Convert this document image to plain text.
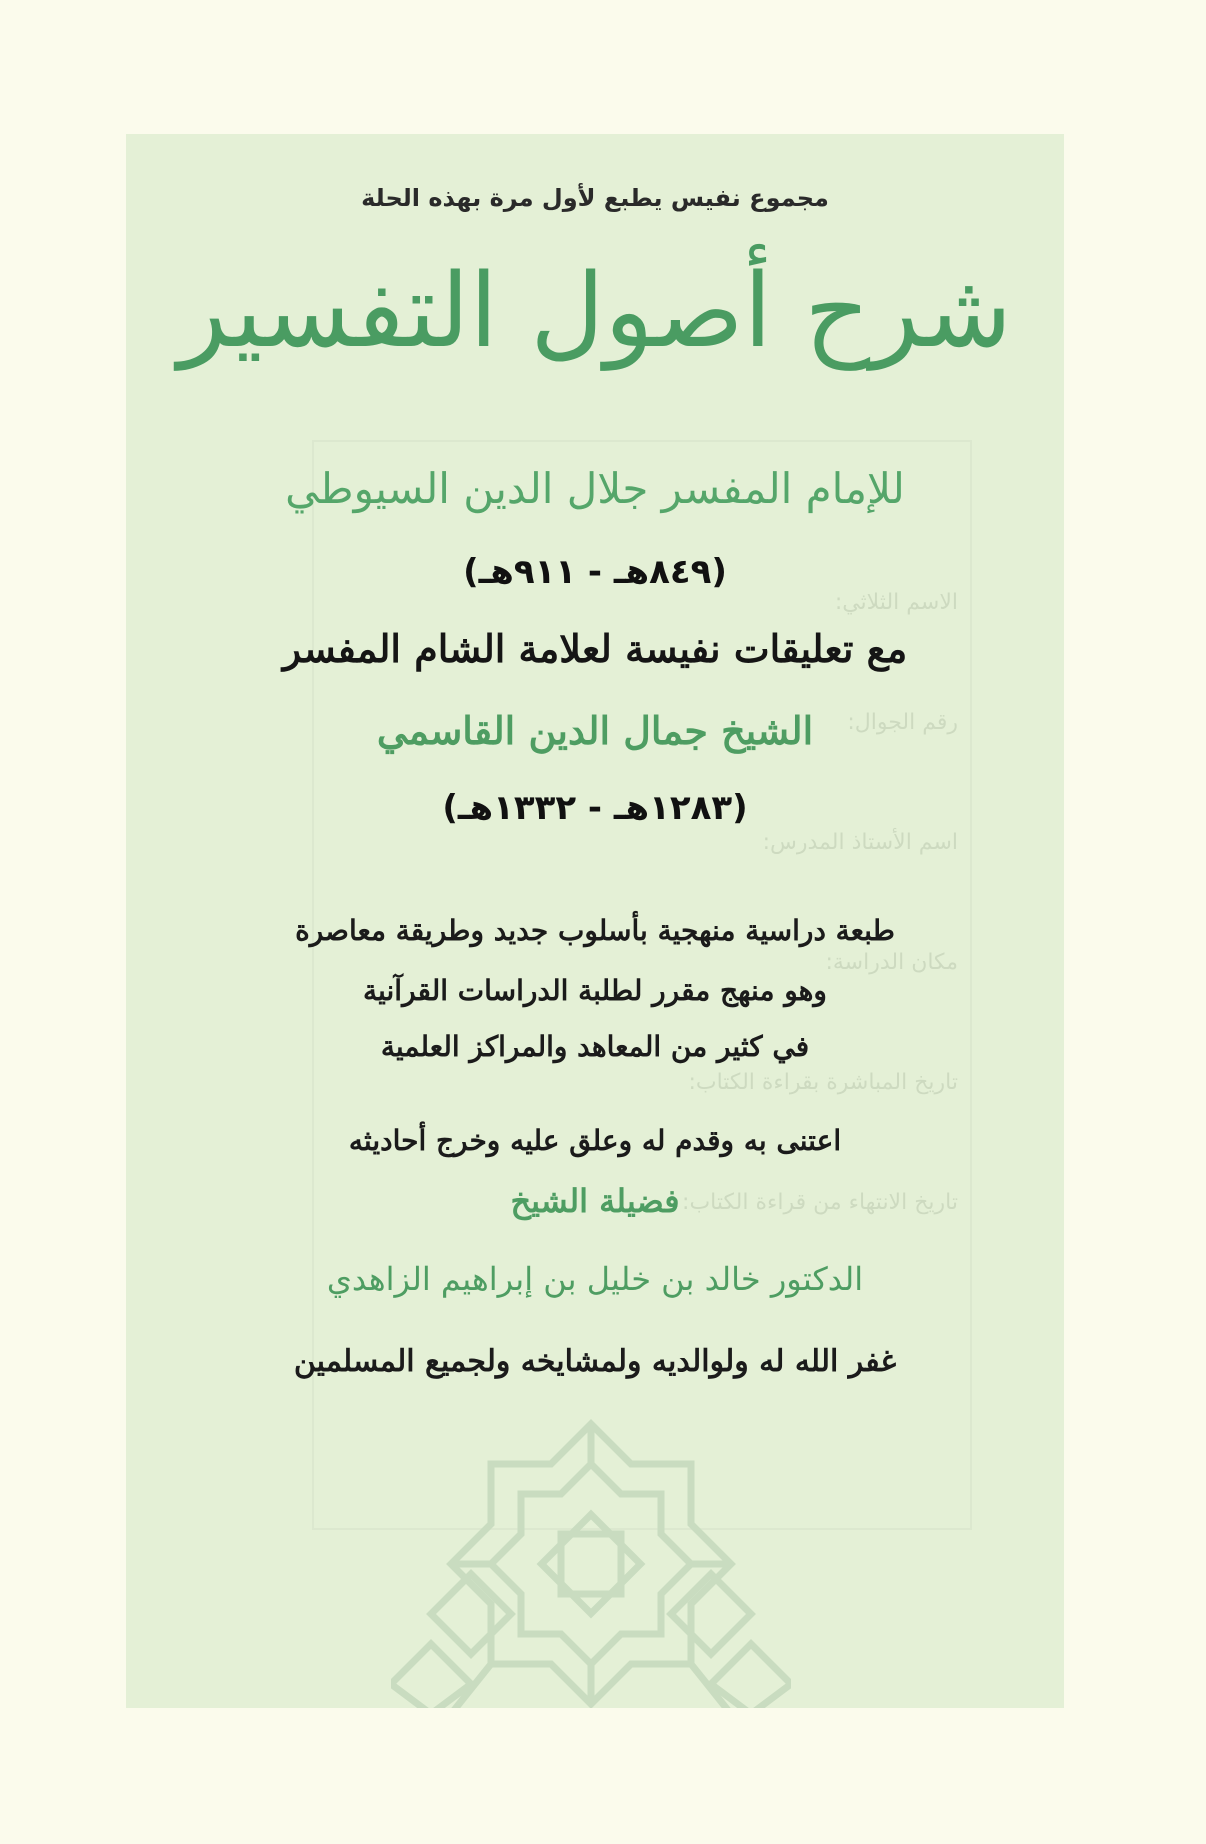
الاسم الثلاثي:
رقم الجوال:
اسم الأستاذ المدرس:
مكان الدراسة:
تاريخ المباشرة بقراءة الكتاب:
تاريخ الانتهاء من قراءة الكتاب:
مجموع نفيس يطبع لأول مرة بهذه الحلة
شرح أصول التفسير
للإمام المفسر جلال الدين السيوطي
(٨٤٩هـ - ٩١١هـ)
مع تعليقات نفيسة لعلامة الشام المفسر
الشيخ جمال الدين القاسمي
(١٢٨٣هـ - ١٣٣٢هـ)
طبعة دراسية منهجية بأسلوب جديد وطريقة معاصرة
وهو منهج مقرر لطلبة الدراسات القرآنية
في كثير من المعاهد والمراكز العلمية
اعتنى به وقدم له وعلق عليه وخرج أحاديثه
فضيلة الشيخ
الدكتور خالد بن خليل بن إبراهيم الزاهدي
غفر الله له ولوالديه ولمشايخه ولجميع المسلمين
